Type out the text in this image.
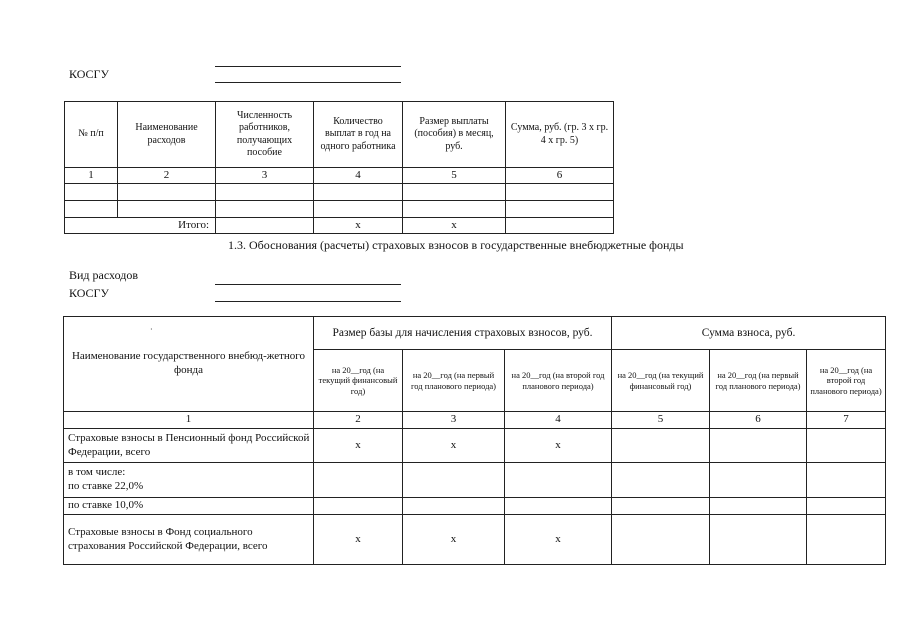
КОСГУ
№ п/п	Наименование расходов	Численность работников, получающих пособие	Количество выплат в год на одного работника	Размер выплаты (пособия) в месяц, руб.	Сумма, руб. (гр. 3 x гр. 4 x гр. 5)
1	2	3	4	5	6

Итого:			x	x	
1.3. Обоснования (расчеты) страховых взносов в государственные внебюджетные фонды
Вид расходов
КОСГУ
·
Наименование государственного внебюд-жетного фонда	Размер базы для начисления страховых взносов, руб.			Сумма взноса, руб.		
	на 20__год (на текущий финансовый год)	на 20__год (на первый год планового периода)	на 20__год (на второй год планового периода)	на 20__год (на текущий финансовый год)	на 20__год (на первый год планового периода)	на 20__год (на второй год планового периода)
1	2	3	4	5	6	7
Страховые взносы в Пенсионный фонд Российской Федерации, всего	x	x	x			
в том числе:
по ставке 22,0%						
по ставке 10,0%						
Страховые взносы в Фонд социального страхования Российской Федерации, всего	x	x	x			
